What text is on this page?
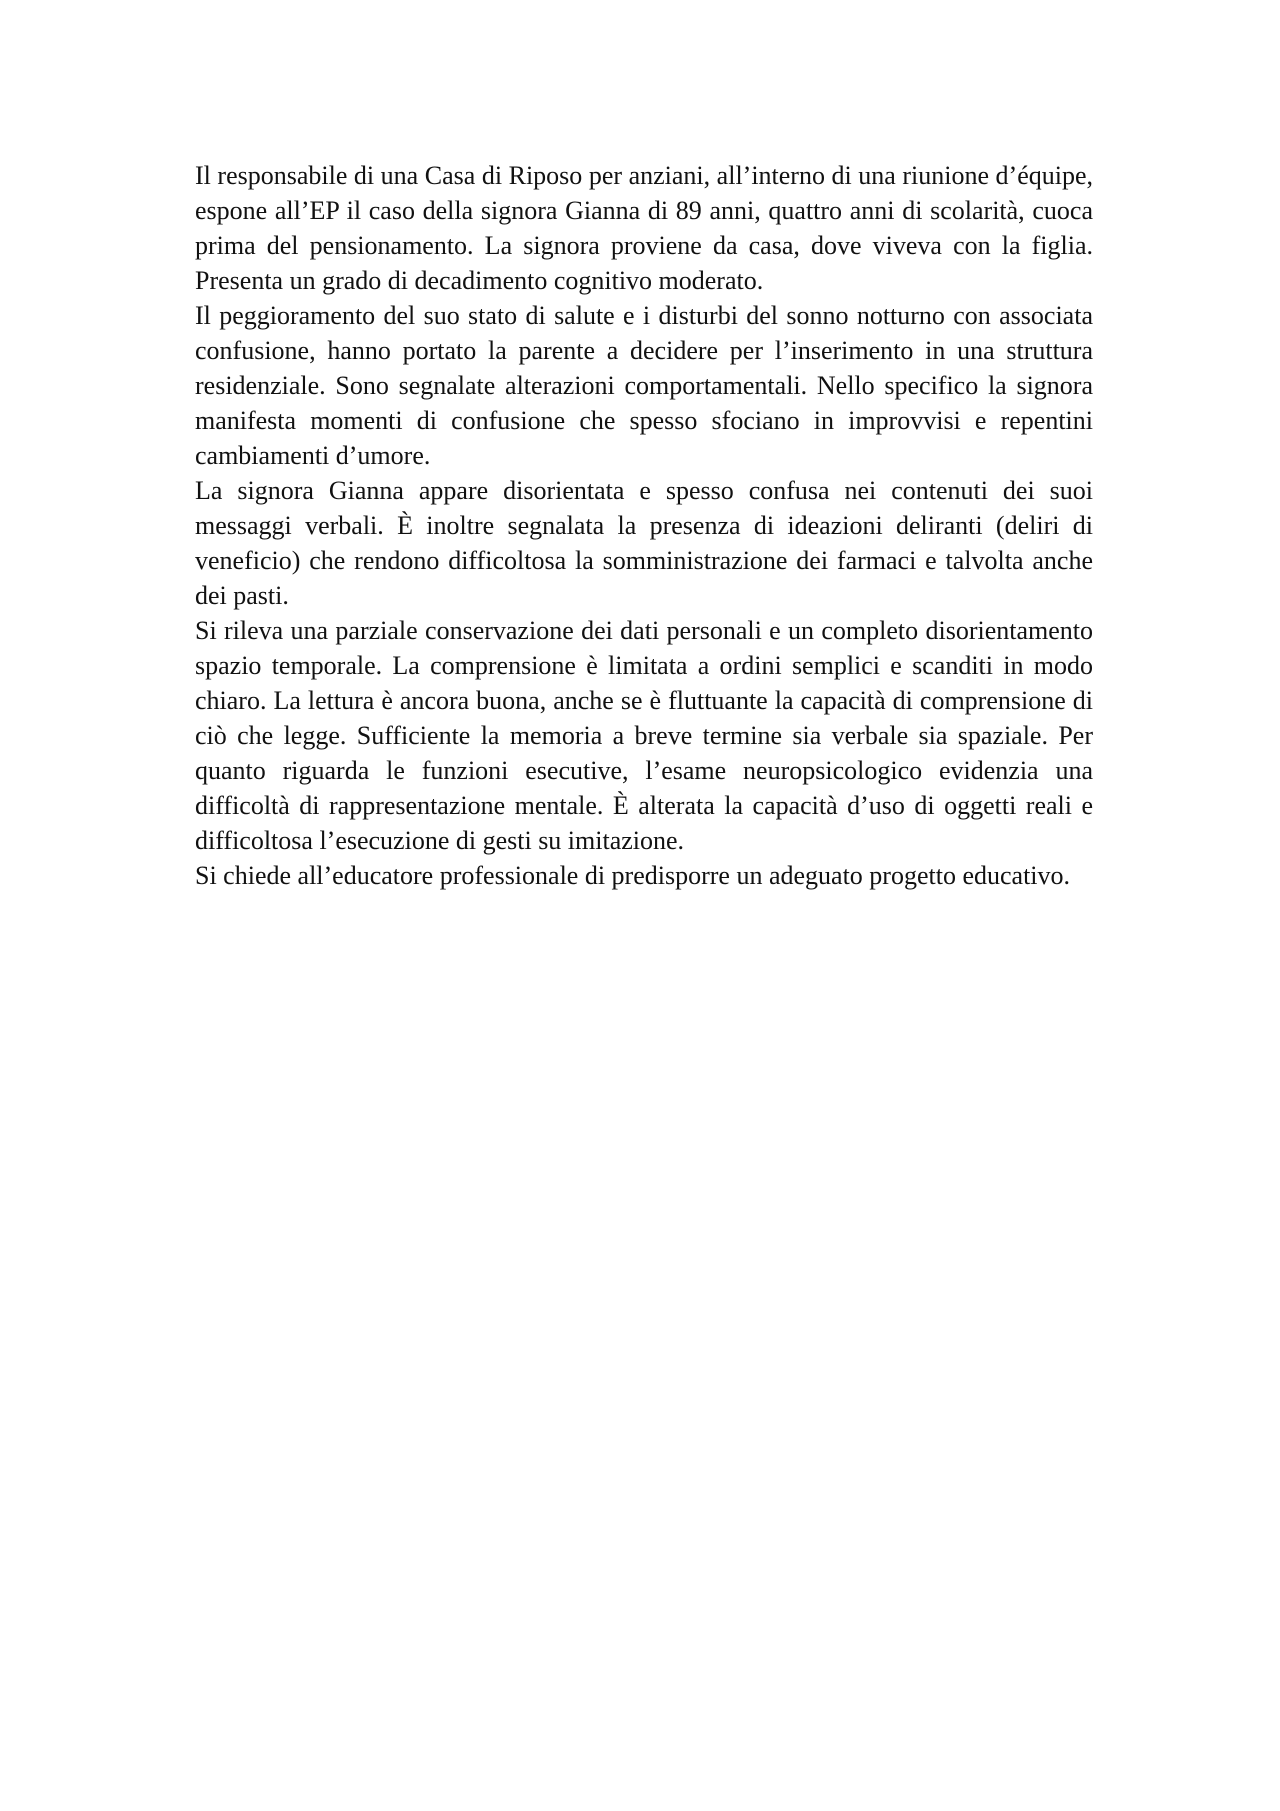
Il responsabile di una Casa di Riposo per anziani, all’interno di una riunione d’équipe, espone all’EP il caso della signora Gianna di 89 anni, quattro anni di scolarità, cuoca prima del pensionamento. La signora proviene da casa, dove viveva con la figlia. Presenta un grado di decadimento cognitivo moderato.

Il peggioramento del suo stato di salute e i disturbi del sonno notturno con associata confusione, hanno portato la parente a decidere per l’inserimento in una struttura residenziale. Sono segnalate alterazioni comportamentali. Nello specifico la signora manifesta momenti di confusione che spesso sfociano in improvvisi e repentini cambiamenti d’umore.

La signora Gianna appare disorientata e spesso confusa nei contenuti dei suoi messaggi verbali. È inoltre segnalata la presenza di ideazioni deliranti (deliri di veneficio) che rendono difficoltosa la somministrazione dei farmaci e talvolta anche dei pasti.

Si rileva una parziale conservazione dei dati personali e un completo disorientamento spazio temporale. La comprensione è limitata a ordini semplici e scanditi in modo chiaro. La lettura è ancora buona, anche se è fluttuante la capacità di comprensione di ciò che legge. Sufficiente la memoria a breve termine sia verbale sia spaziale. Per quanto riguarda le funzioni esecutive, l’esame neuropsicologico evidenzia una difficoltà di rappresentazione mentale. È alterata la capacità d’uso di oggetti reali e difficoltosa l’esecuzione di gesti su imitazione.

Si chiede all’educatore professionale di predisporre un adeguato progetto educativo.
